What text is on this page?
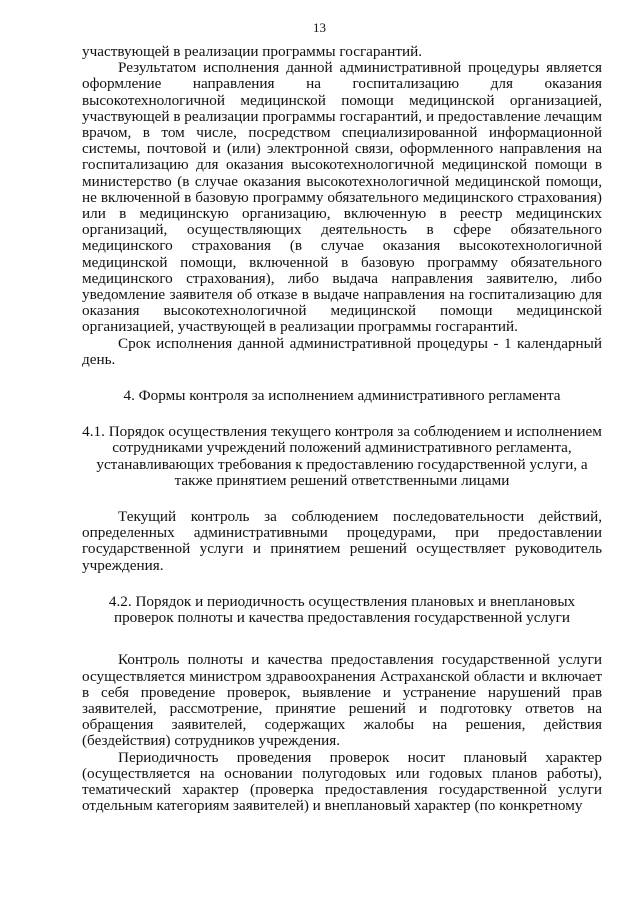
13

участвующей в реализации программы госгарантий.

Результатом исполнения данной административной процедуры является оформление направления на госпитализацию для оказания высокотехнологичной медицинской помощи медицинской организацией, участвующей в реализации программы госгарантий, и предоставление лечащим врачом, в том числе, посредством специализированной информационной системы, почтовой и (или) электронной связи, оформленного направления на госпитализацию для оказания высокотехнологичной медицинской помощи в министерство (в случае оказания высокотехнологичной медицинской помощи, не включенной в базовую программу обязательного медицинского страхования) или в медицинскую организацию, включенную в реестр медицинских организаций, осуществляющих деятельность в сфере обязательного медицинского страхования (в случае оказания высокотехнологичной медицинской помощи, включенной в базовую программу обязательного медицинского страхования), либо выдача направления заявителю, либо уведомление заявителя об отказе в выдаче направления на госпитализацию для оказания высокотехнологичной медицинской помощи медицинской организацией, участвующей в реализации программы госгарантий.

Срок исполнения данной административной процедуры - 1 календарный день.

4. Формы контроля за исполнением административного регламента

4.1. Порядок осуществления текущего контроля за соблюдением и исполнением сотрудниками учреждений положений административного регламента, устанавливающих требования к предоставлению государственной услуги, а также принятием решений ответственными лицами

Текущий контроль за соблюдением последовательности действий, определенных административными процедурами, при предоставлении государственной услуги и принятием решений осуществляет руководитель учреждения.

4.2. Порядок и периодичность осуществления плановых и внеплановых проверок полноты и качества предоставления государственной услуги

Контроль полноты и качества предоставления государственной услуги осуществляется министром здравоохранения Астраханской области и включает в себя проведение проверок, выявление и устранение нарушений прав заявителей, рассмотрение, принятие решений и подготовку ответов на обращения заявителей, содержащих жалобы на решения, действия (бездействия) сотрудников учреждения.

Периодичность проведения проверок носит плановый характер (осуществляется на основании полугодовых или годовых планов работы), тематический характер (проверка предоставления государственной услуги отдельным категориям заявителей) и внеплановый характер (по конкретному
